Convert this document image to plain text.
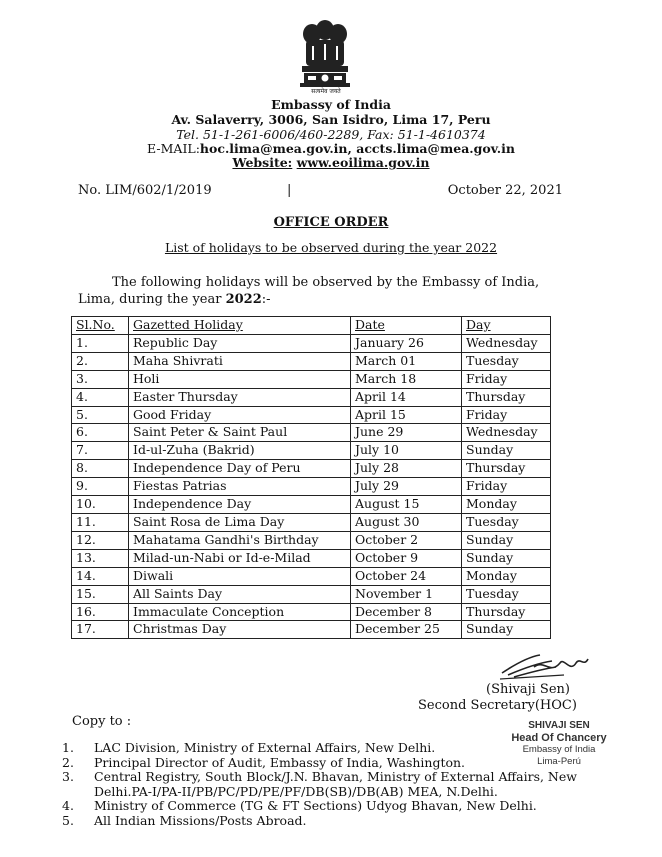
सत्यमेव जयते
Embassy of India
Av. Salaverry, 3006, San Isidro, Lima 17, Peru
Tel. 51-1-261-6006/460-2289, Fax: 51-1-4610374
E-MAIL:hoc.lima@mea.gov.in, accts.lima@mea.gov.in
Website: www.eoilima.gov.in
No. LIM/602/1/2019	|	October 22, 2021
OFFICE ORDER
List of holidays to be observed during the year 2022
The following holidays will be observed by the Embassy of India, Lima, during the year 2022:-
Sl.No.	Gazetted Holiday	Date	Day
1.	Republic Day	January 26	Wednesday
2.	Maha Shivrati	March 01	Tuesday
3.	Holi	March 18	Friday
4.	Easter Thursday	April 14	Thursday
5.	Good Friday	April 15	Friday
6.	Saint Peter & Saint Paul	June 29	Wednesday
7.	Id-ul-Zuha (Bakrid)	July 10	Sunday
8.	Independence Day of Peru	July 28	Thursday
9.	Fiestas Patrias	July 29	Friday
10.	Independence Day	August 15	Monday
11.	Saint Rosa de Lima Day	August 30	Tuesday
12.	Mahatama Gandhi's Birthday	October 2	Sunday
13.	Milad-un-Nabi or Id-e-Milad	October 9	Sunday
14.	Diwali	October 24	Monday
15.	All Saints Day	November 1	Tuesday
16.	Immaculate Conception	December 8	Thursday
17.	Christmas Day	December 25	Sunday
(Shivaji Sen)
Second Secretary(HOC)
SHIVAJI SEN
Head Of Chancery
Embassy of India
Lima-Perú
Copy to :
1.	LAC Division, Ministry of External Affairs, New Delhi.
2.	Principal Director of Audit, Embassy of India, Washington.
3.	Central Registry, South Block/J.N. Bhavan, Ministry of External Affairs, New Delhi.PA-I/PA-II/PB/PC/PD/PE/PF/DB(SB)/DB(AB) MEA, N.Delhi.
4.	Ministry of Commerce (TG & FT Sections) Udyog Bhavan, New Delhi.
5.	All Indian Missions/Posts Abroad.
